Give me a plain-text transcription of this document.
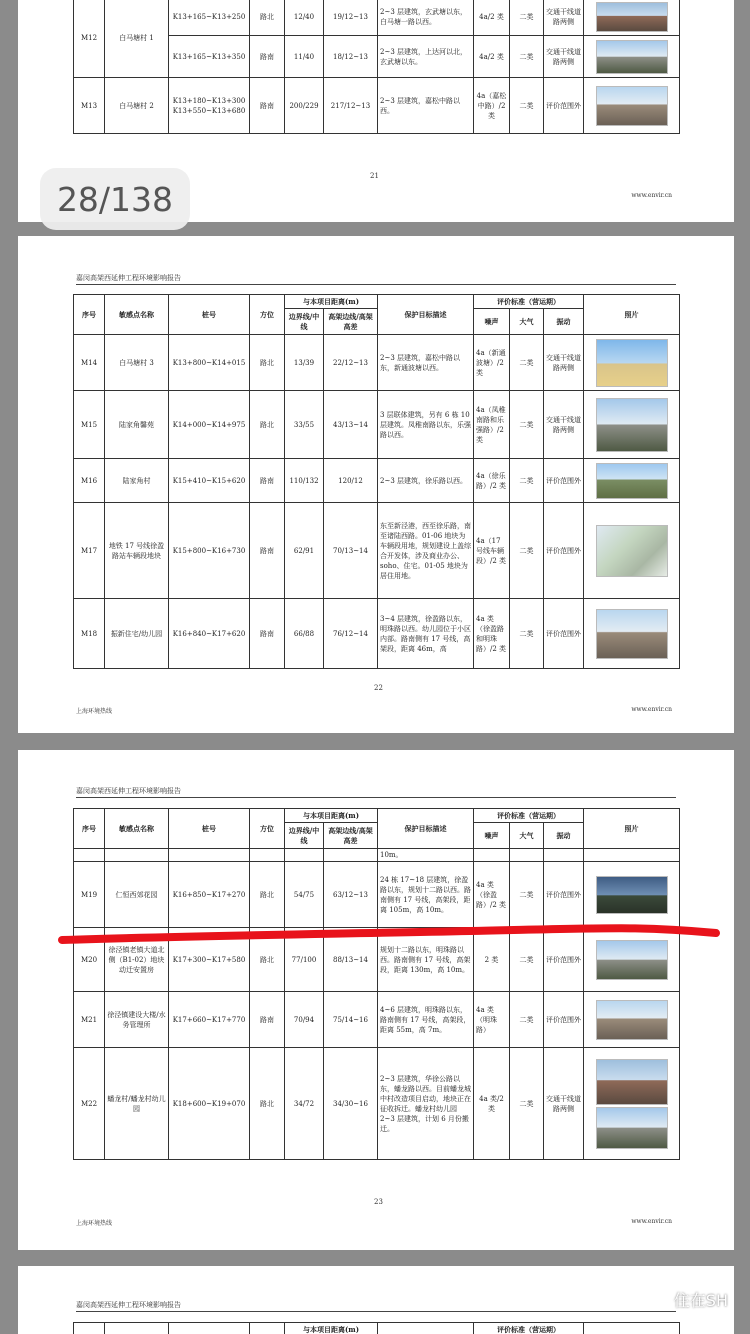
M12	白马塘村 1	K13+165~K13+250	路北	12/40	19/12~13	2~3 层建筑，玄武塘以东，白马塘一路以西。	4a/2 类	二类	交通干线道路两侧	

		K13+165~K13+350	路南	11/40	18/12~13	2~3 层建筑，上达河以北，玄武塘以东。	4a/2 类	二类	交通干线道路两侧	

M13	白马塘村 2	K13+180~K13+300 K13+550~K13+680	路南	200/229	217/12~13	2~3 层建筑，嘉松中路以西。	4a（嘉松中路）/2 类	二类	评价范围外	
21
www.envir.cn
嘉闵高架西延伸工程环境影响报告
序号	敏感点名称	桩号	方位	与本项目距离(m)		保护目标描述	评价标准（营运期）			照片
				边界线/中线	高架边线/高架高差		噪声	大气	振动	
M14	白马塘村 3	K13+800~K14+015	路北	13/39	22/12~13	2~3 层建筑，嘉松中路以东，新通波塘以西。	4a（新通波塘）/2 类	二类	交通干线道路两侧	

M15	陆家角馨苑	K14+000~K14+975	路北	33/55	43/13~14	3 层联体建筑，另有 6 栋 10 层建筑。凤稚南路以东，乐强路以西。	4a（凤稚南路和乐强路）/2 类	二类	交通干线道路两侧	

M16	陆家角村	K15+410~K15+620	路南	110/132	120/12	2~3 层建筑，徐乐路以西。	4a（徐乐路）/2 类	二类	评价范围外	

M17	地铁 17 号线徐盈路站车辆段地块	K15+800~K16+730	路南	62/91	70/13~14	东至新泾港，西至徐乐路，南至诸陆西路。01-06 地块为车辆段用地，规划建设上盖综合开发体，涉及商业办公、soho、住宅。01-05 地块为居住用地。	4a（17 号线车辆段）/2 类	二类	评价范围外	

M18	振新住宅/幼儿园	K16+840~K17+620	路南	66/88	76/12~14	3~4 层建筑，徐盈路以东，明珠路以西。幼儿园位于小区内部。路南侧有 17 号线，高架段，距离 46m，高	4a 类（徐盈路和明珠路）/2 类	二类	评价范围外	
22
上海环境热线	www.envir.cn
嘉闵高架西延伸工程环境影响报告
序号	敏感点名称	桩号	方位	与本项目距离(m)		保护目标描述	评价标准（营运期）			照片
				边界线/中线	高架边线/高架高差		噪声	大气	振动	
						10m。				
M19	仁恒西郊花园	K16+850~K17+270	路北	54/75	63/12~13	24 栋 17~18 层建筑，徐盈路以东，规划十二路以西。路南侧有 17 号线，高架段，距离 105m，高 10m。	4a 类（徐盈路）/2 类	二类	评价范围外	

M20	徐泾镇老镇大道北侧（B1-02）地块动迁安置房	K17+300~K17+580	路北	77/100	88/13~14	规划十二路以东，明珠路以西。路南侧有 17 号线，高架段，距离 130m，高 10m。	2 类	二类	评价范围外	

M21	徐泾镇建设大楼/水务管理所	K17+660~K17+770	路南	70/94	75/14~16	4~6 层建筑，明珠路以东，路南侧有 17 号线，高架段，距离 55m，高 7m。	4a 类（明珠路）	二类	评价范围外	

M22	蟠龙村/蟠龙村幼儿园	K18+600~K19+070	路北	34/72	34/30~16	2~3 层建筑，华徐公路以东，蟠龙路以西。目前蟠龙城中村改造项目启动，地块正在征收拆迁。蟠龙村幼儿园 2~3 层建筑，计划 6 月份搬迁。	4a 类/2 类	二类	交通干线道路两侧	
23
上海环境热线	www.envir.cn
嘉闵高架西延伸工程环境影响报告
				与本项目距离(m)		评价标准（营运期）	
28/138
住在SH
